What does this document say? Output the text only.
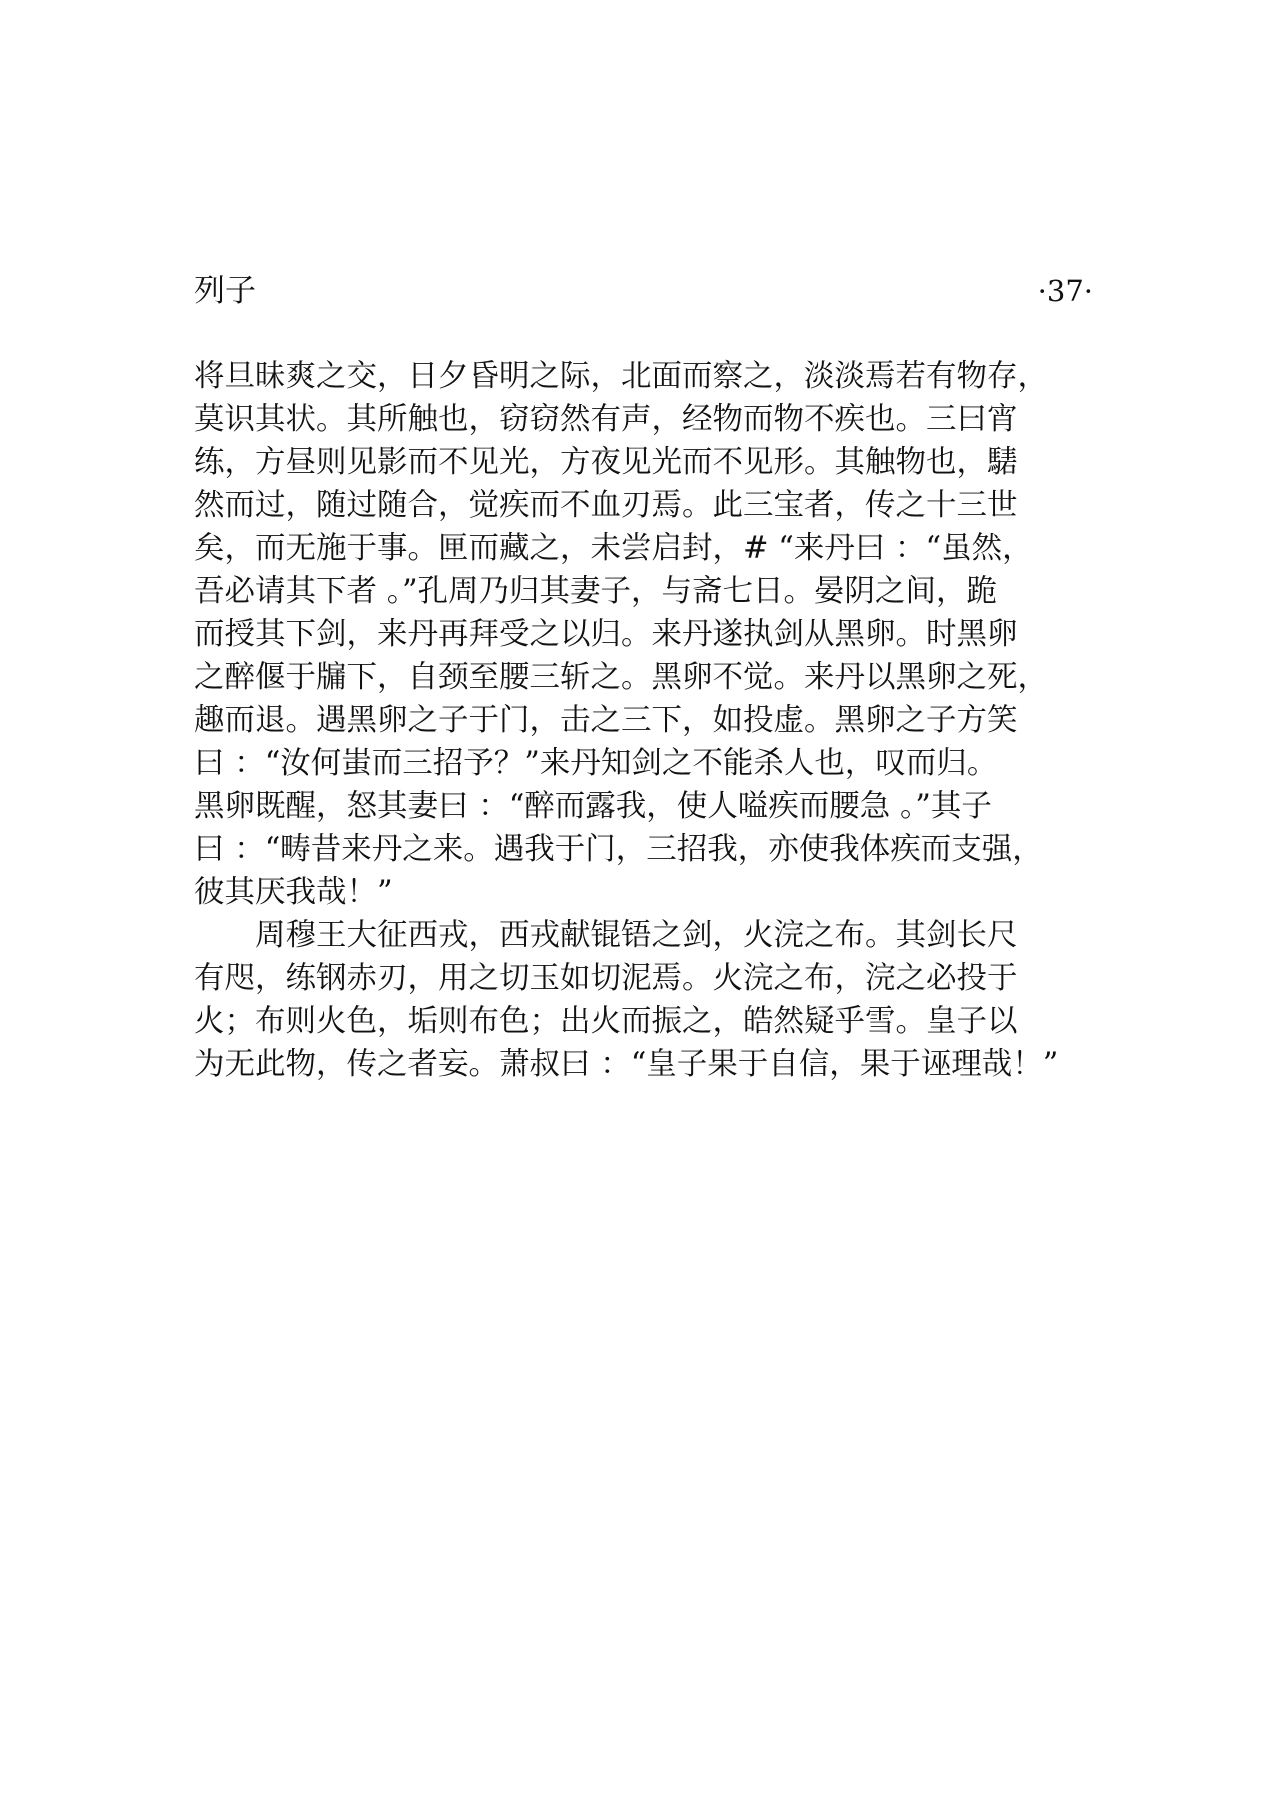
列子	·37·
将旦昧爽之交，日夕昏明之际，北面而察之，淡淡焉若有物存，
莫识其状。其所触也，窃窃然有声，经物而物不疾也。三曰宵
练，方昼则见影而不见光，方夜见光而不见形。其触物也，騞
然而过，随过随合，觉疾而不血刃焉。此三宝者，传之十三世
矣，而无施于事。匣而藏之，未尝启封，# “来丹曰 ：“虽然，
吾必请其下者 。”孔周乃归其妻子，与斋七日。晏阴之间，跪
而授其下剑，来丹再拜受之以归。来丹遂执剑从黑卵。时黑卵
之醉偃于牖下，自颈至腰三斩之。黑卵不觉。来丹以黑卵之死，
趣而退。遇黑卵之子于门，击之三下，如投虚。黑卵之子方笑
曰 ：“汝何蚩而三招予？”来丹知剑之不能杀人也，叹而归。
黑卵既醒，怒其妻曰 ：“醉而露我，使人嗌疾而腰急 。”其子
曰 ：“畴昔来丹之来。遇我于门，三招我，亦使我体疾而支强，
彼其厌我哉！”
周穆王大征西戎，西戎献锟铻之剑，火浣之布。其剑长尺
有咫，练钢赤刃，用之切玉如切泥焉。火浣之布，浣之必投于
火；布则火色，垢则布色；出火而振之，皓然疑乎雪。皇子以
为无此物，传之者妄。萧叔曰 ：“皇子果于自信，果于诬理哉！”
